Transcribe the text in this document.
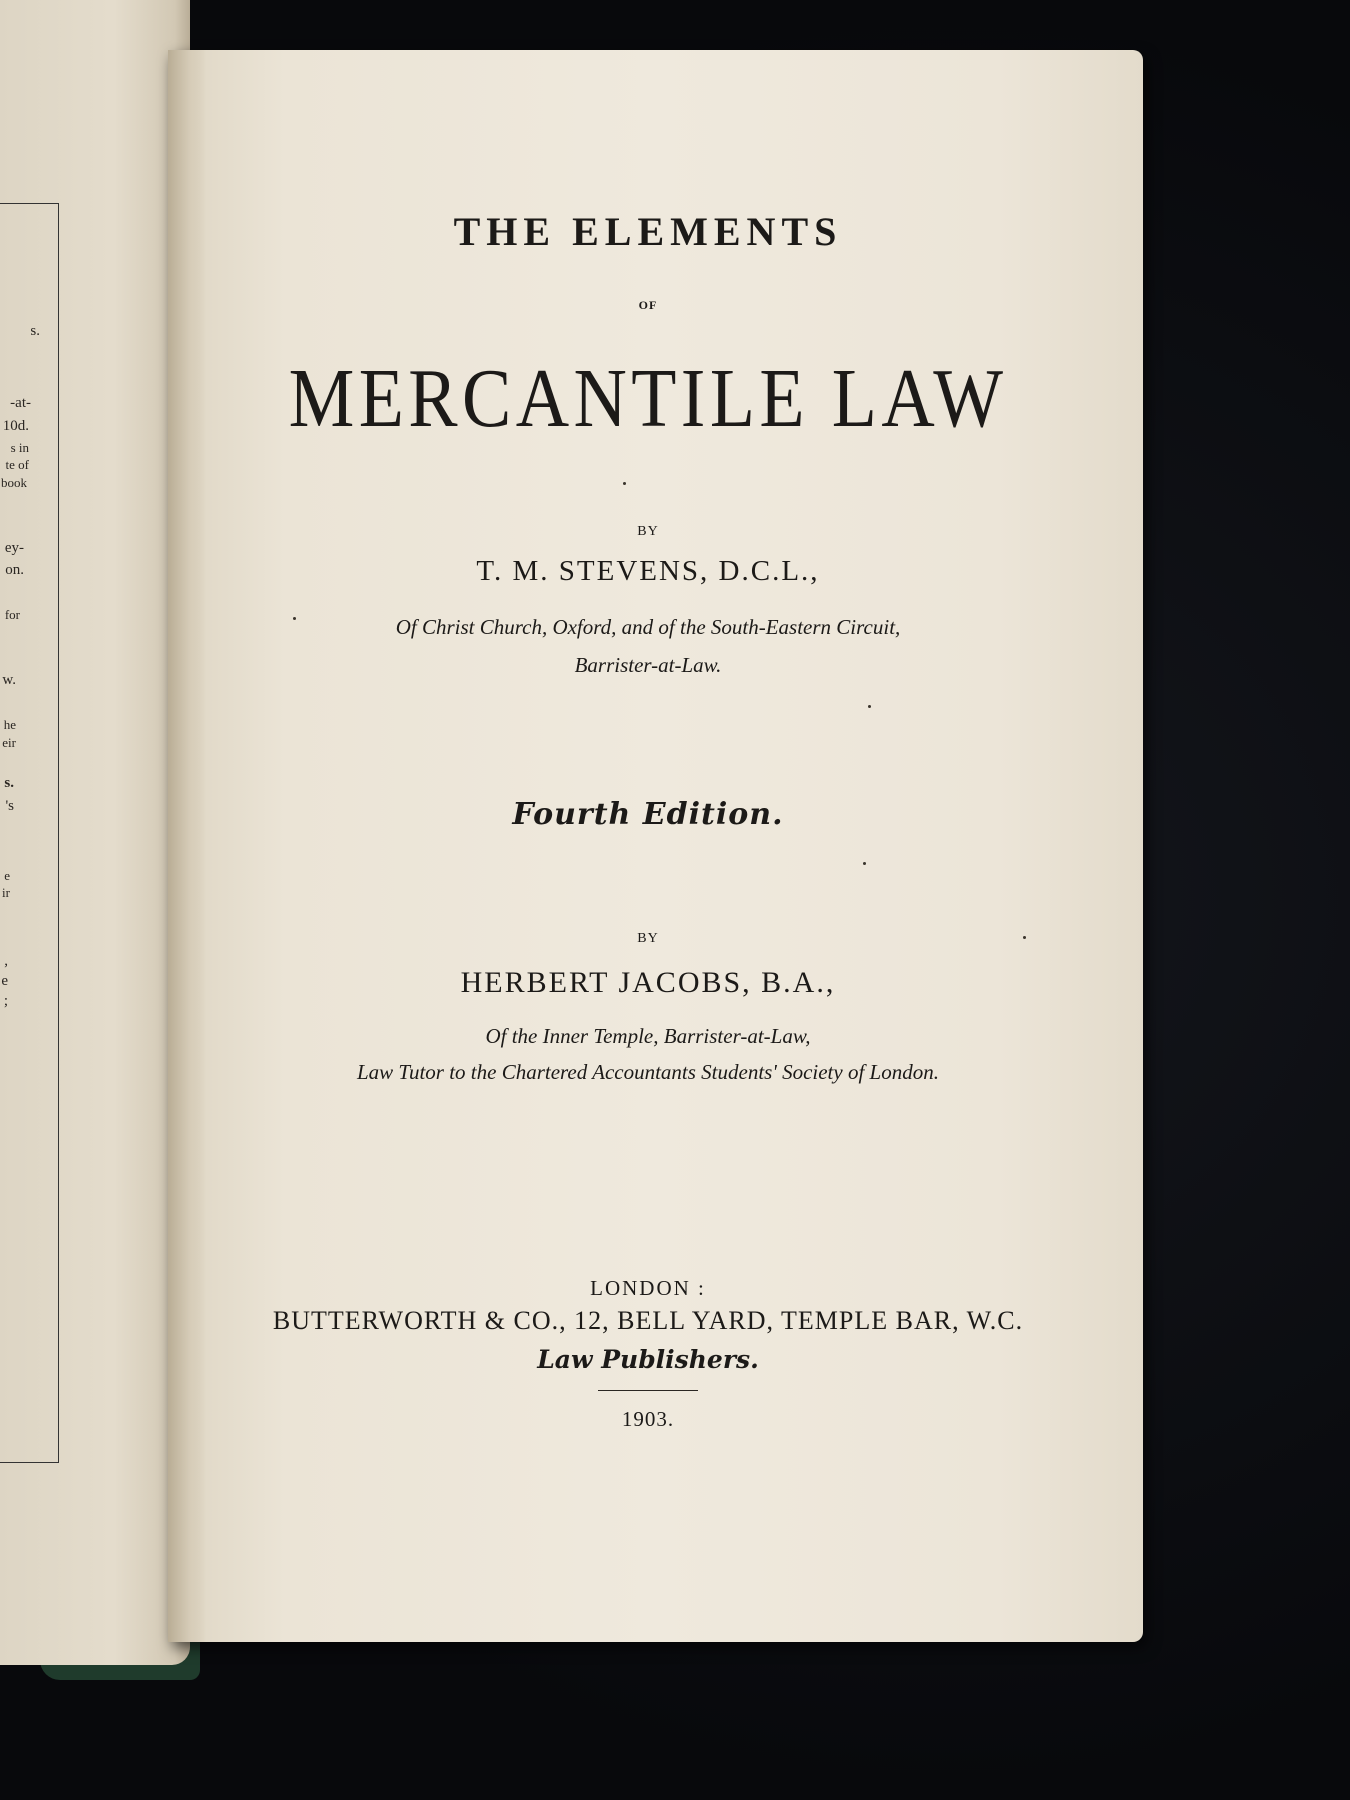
s.
-at-
10d.
s in
te of
book
ey-
on.
for
w.
he
eir
s.
's
e
ir
,
e
;
THE ELEMENTS
OF
MERCANTILE LAW
BY
T. M. STEVENS, D.C.L.,
Of Christ Church, Oxford, and of the South-Eastern Circuit,
Barrister-at-Law.
Fourth Edition.
BY
HERBERT JACOBS, B.A.,
Of the Inner Temple, Barrister-at-Law,
Law Tutor to the Chartered Accountants Students' Society of London.
LONDON :
BUTTERWORTH & CO., 12, BELL YARD, TEMPLE BAR, W.C.
Law Publishers.
1903.
